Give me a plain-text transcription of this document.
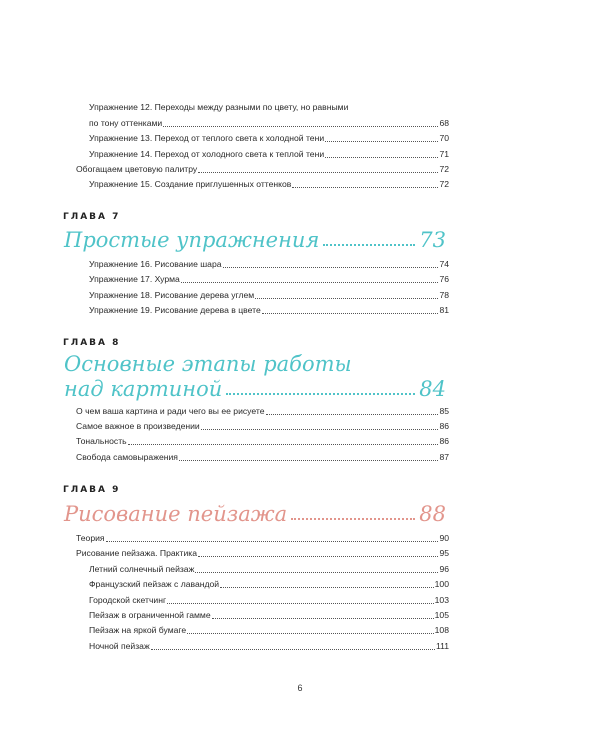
Упражнение 12. Переходы между разными по цвету, но равными
по тону оттенками	68
Упражнение 13. Переход от теплого света к холодной тени	70
Упражнение 14. Переход от холодного света к теплой тени	71
Обогащаем цветовую палитру	72
Упражнение 15. Создание приглушенных оттенков	72
ГЛАВА 7
Простые упражнения	73
Упражнение 16. Рисование шара	74
Упражнение 17. Хурма	76
Упражнение 18. Рисование дерева углем	78
Упражнение 19. Рисование дерева в цвете	81
ГЛАВА 8
Основные этапы работы
над картиной	84
О чем ваша картина и ради чего вы ее рисуете	85
Самое важное в произведении	86
Тональность	86
Свобода самовыражения	87
ГЛАВА 9
Рисование пейзажа	88
Теория	90
Рисование пейзажа. Практика	95
Летний солнечный пейзаж	96
Французский пейзаж с лавандой	100
Городской скетчинг	103
Пейзаж в ограниченной гамме	105
Пейзаж на яркой бумаге	108
Ночной пейзаж	111
6
